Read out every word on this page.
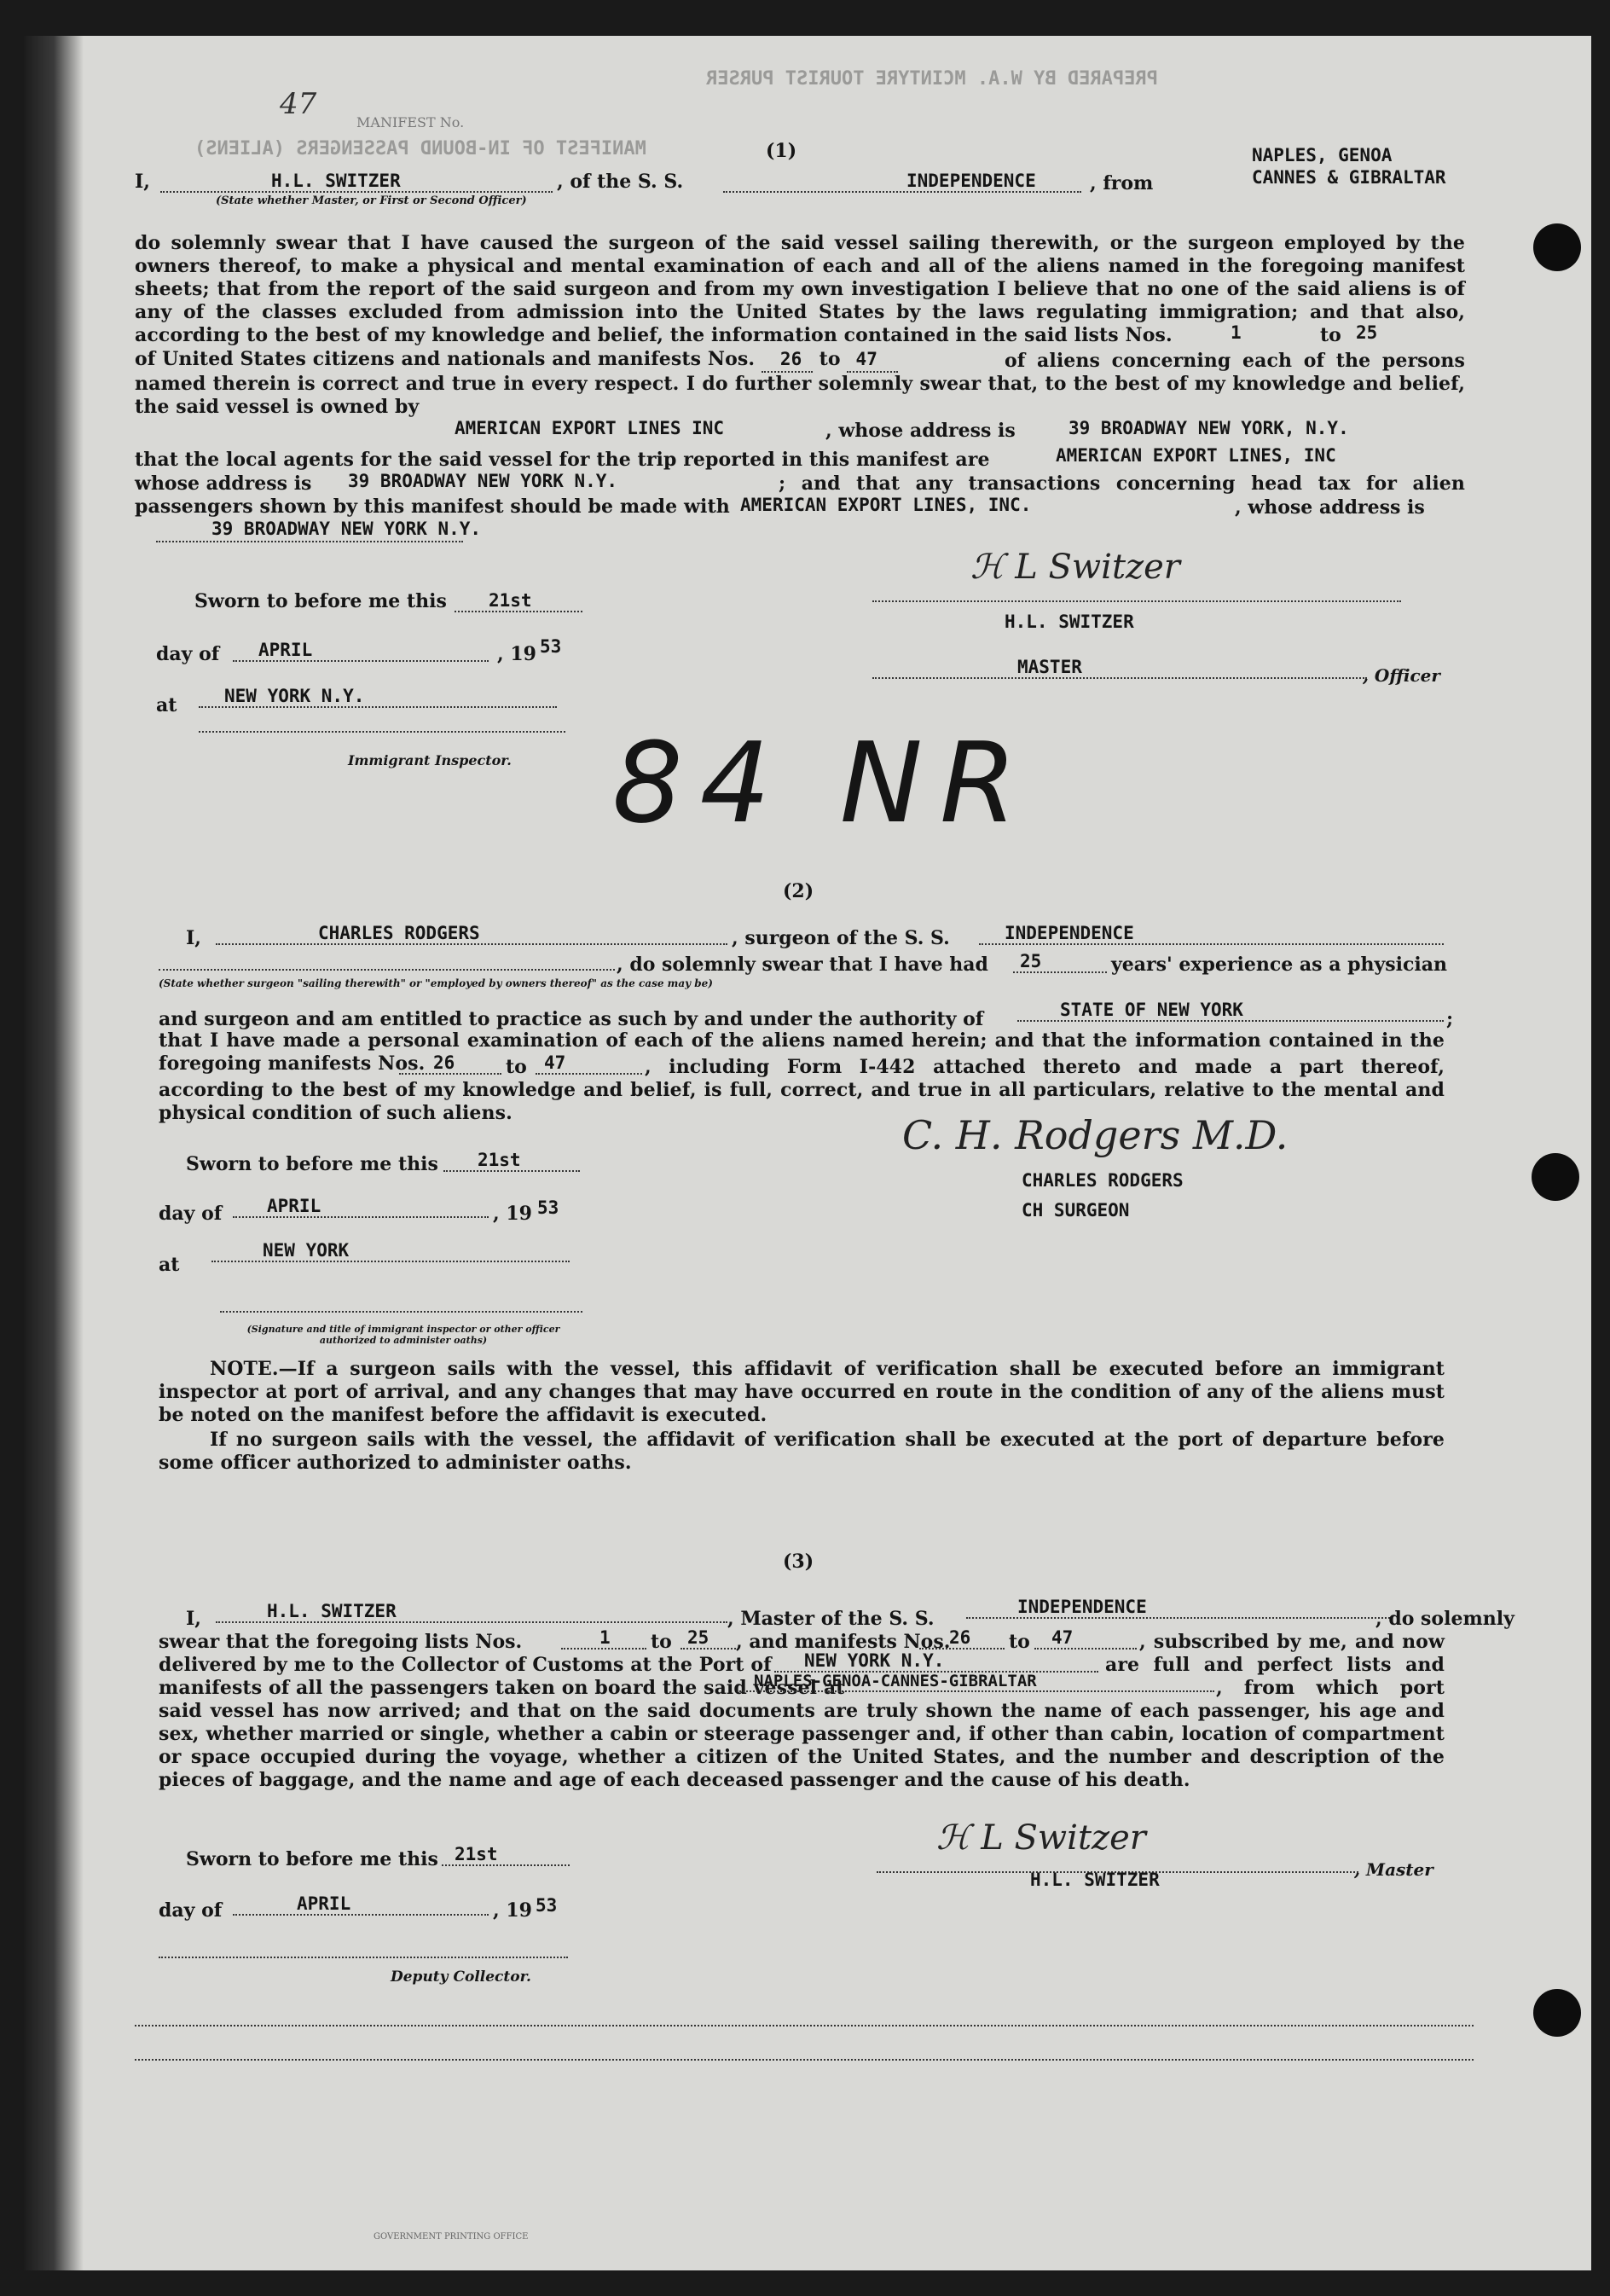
PREPARED BY W.A. MCINTYRE TOURIST PURSER
MANIFEST OF IN-BOUND PASSENGERS (ALIENS)
MANIFEST No.
47
(1)
I,	H.L. SWITZER
(State whether Master, or First or Second Officer)
, of the S. S.	INDEPENDENCE	, from
NAPLES, GENOA
CANNES & GIBRALTAR
do solemnly swear that I have caused the surgeon of the said vessel sailing therewith, or the surgeon employed by the owners thereof, to make a physical and mental examination of each and all of the aliens named in the foregoing manifest sheets; that from the report of the said surgeon and from my own investigation I believe that no one of the said aliens is of any of the classes excluded from admission into the United States by the laws regulating immigration; and that also, according to the best of my knowledge and belief, the information contained in the said lists Nos.	1	to 25
of United States citizens and nationals and manifests Nos. 26 to 47	of aliens concerning each of the persons named therein is correct and true in every respect. I do further solemnly swear that, to the best of my knowledge and belief, the said vessel is owned by
AMERICAN EXPORT LINES INC	, whose address is	39 BROADWAY NEW YORK, N.Y.
that the local agents for the said vessel for the trip reported in this manifest are	AMERICAN EXPORT LINES, INC
whose address is 39 BROADWAY NEW YORK N.Y.	; and that any transactions concerning head tax for alien passengers shown by this manifest should be made with AMERICAN EXPORT LINES, INC.	, whose address is
39 BROADWAY NEW YORK N.Y.
Sworn to before me this	21st
day of	APRIL	, 19 53
at	NEW YORK N.Y.
Immigrant Inspector.
ℋ L Switzer
H.L. SWITZER
MASTER	, Officer
84 NR
(2)
I,	CHARLES RODGERS	, surgeon of the S. S.	INDEPENDENCE
, do solemnly swear that I have had	25	years' experience as a physician
(State whether surgeon "sailing therewith" or "employed by owners thereof" as the case may be)
and surgeon and am entitled to practice as such by and under the authority of	STATE OF NEW YORK	;
that I have made a personal examination of each of the aliens named herein; and that the information contained in the foregoing manifests Nos. 26	to 47	, including Form I-442 attached thereto and made a part thereof, according to the best of my knowledge and belief, is full, correct, and true in all particulars, relative to the mental and physical condition of such aliens.
Sworn to before me this	21st
day of	APRIL	, 19 53
at
NEW YORK
(Signature and title of immigrant inspector or other officer authorized to administer oaths)
C. H. Rodgers M.D.
CHARLES RODGERS
CH SURGEON
NOTE.—If a surgeon sails with the vessel, this affidavit of verification shall be executed before an immigrant inspector at port of arrival, and any changes that may have occurred en route in the condition of any of the aliens must be noted on the manifest before the affidavit is executed.
If no surgeon sails with the vessel, the affidavit of verification shall be executed at the port of departure before some officer authorized to administer oaths.
(3)
I,	H.L. SWITZER	, Master of the S. S.
INDEPENDENCE
, do solemnly
swear that the foregoing lists Nos.	1	to 25	, and manifests Nos.
26	to	47	, subscribed by me, and now delivered by me to the Collector of Customs at the Port of	NEW YORK N.Y.	are full and perfect lists and manifests of all the passengers taken on board the said vessel at
NAPLES-GENOA-CANNES-GIBRALTAR	, from which port said vessel has now arrived; and that on the said documents are truly shown the name of each passenger, his age and sex, whether married or single, whether a cabin or steerage passenger and, if other than cabin, location of compartment or space occupied during the voyage, whether a citizen of the United States, and the number and description of the pieces of baggage, and the name and age of each deceased passenger and the cause of his death.
Sworn to before me this 21st
day of	APRIL	, 19 53
Deputy Collector.
ℋ L Switzer
H.L. SWITZER	, Master
GOVERNMENT PRINTING OFFICE
